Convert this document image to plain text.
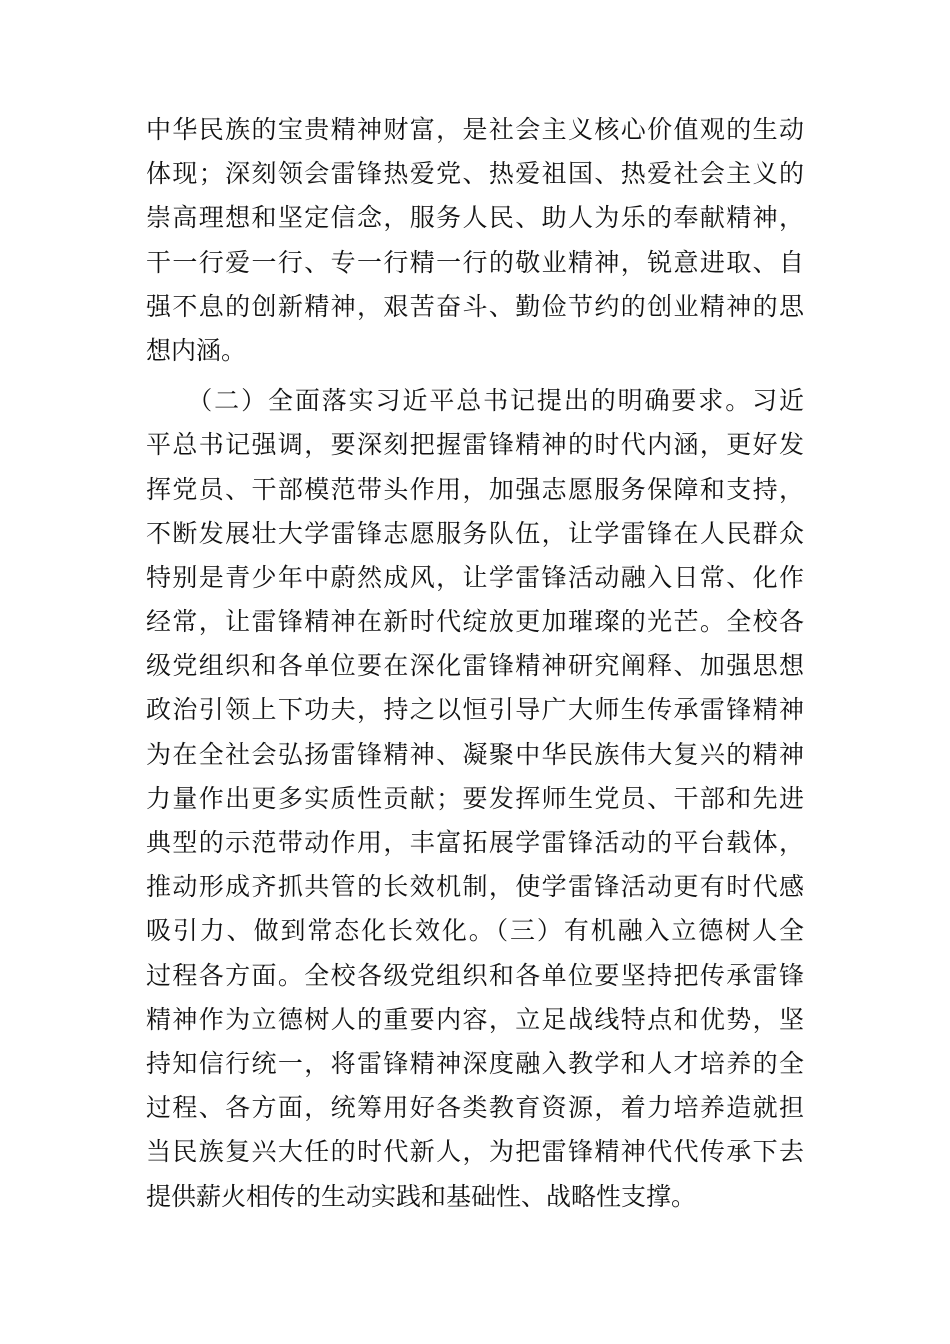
中华民族的宝贵精神财富，是社会主义核心价值观的生动
体现；深刻领会雷锋热爱党、热爱祖国、热爱社会主义的
崇高理想和坚定信念，服务人民、助人为乐的奉献精神，
干一行爱一行、专一行精一行的敬业精神，锐意进取、自
强不息的创新精神，艰苦奋斗、勤俭节约的创业精神的思
想内涵。
　　（二）全面落实习近平总书记提出的明确要求。习近
平总书记强调，要深刻把握雷锋精神的时代内涵，更好发
挥党员、干部模范带头作用，加强志愿服务保障和支持，
不断发展壮大学雷锋志愿服务队伍，让学雷锋在人民群众
特别是青少年中蔚然成风，让学雷锋活动融入日常、化作
经常，让雷锋精神在新时代绽放更加璀璨的光芒。全校各
级党组织和各单位要在深化雷锋精神研究阐释、加强思想
政治引领上下功夫，持之以恒引导广大师生传承雷锋精神
为在全社会弘扬雷锋精神、凝聚中华民族伟大复兴的精神
力量作出更多实质性贡献；要发挥师生党员、干部和先进
典型的示范带动作用，丰富拓展学雷锋活动的平台载体，
推动形成齐抓共管的长效机制，使学雷锋活动更有时代感
吸引力、做到常态化长效化。（三）有机融入立德树人全
过程各方面。全校各级党组织和各单位要坚持把传承雷锋
精神作为立德树人的重要内容，立足战线特点和优势，坚
持知信行统一，将雷锋精神深度融入教学和人才培养的全
过程、各方面，统筹用好各类教育资源，着力培养造就担
当民族复兴大任的时代新人，为把雷锋精神代代传承下去
提供薪火相传的生动实践和基础性、战略性支撑。
